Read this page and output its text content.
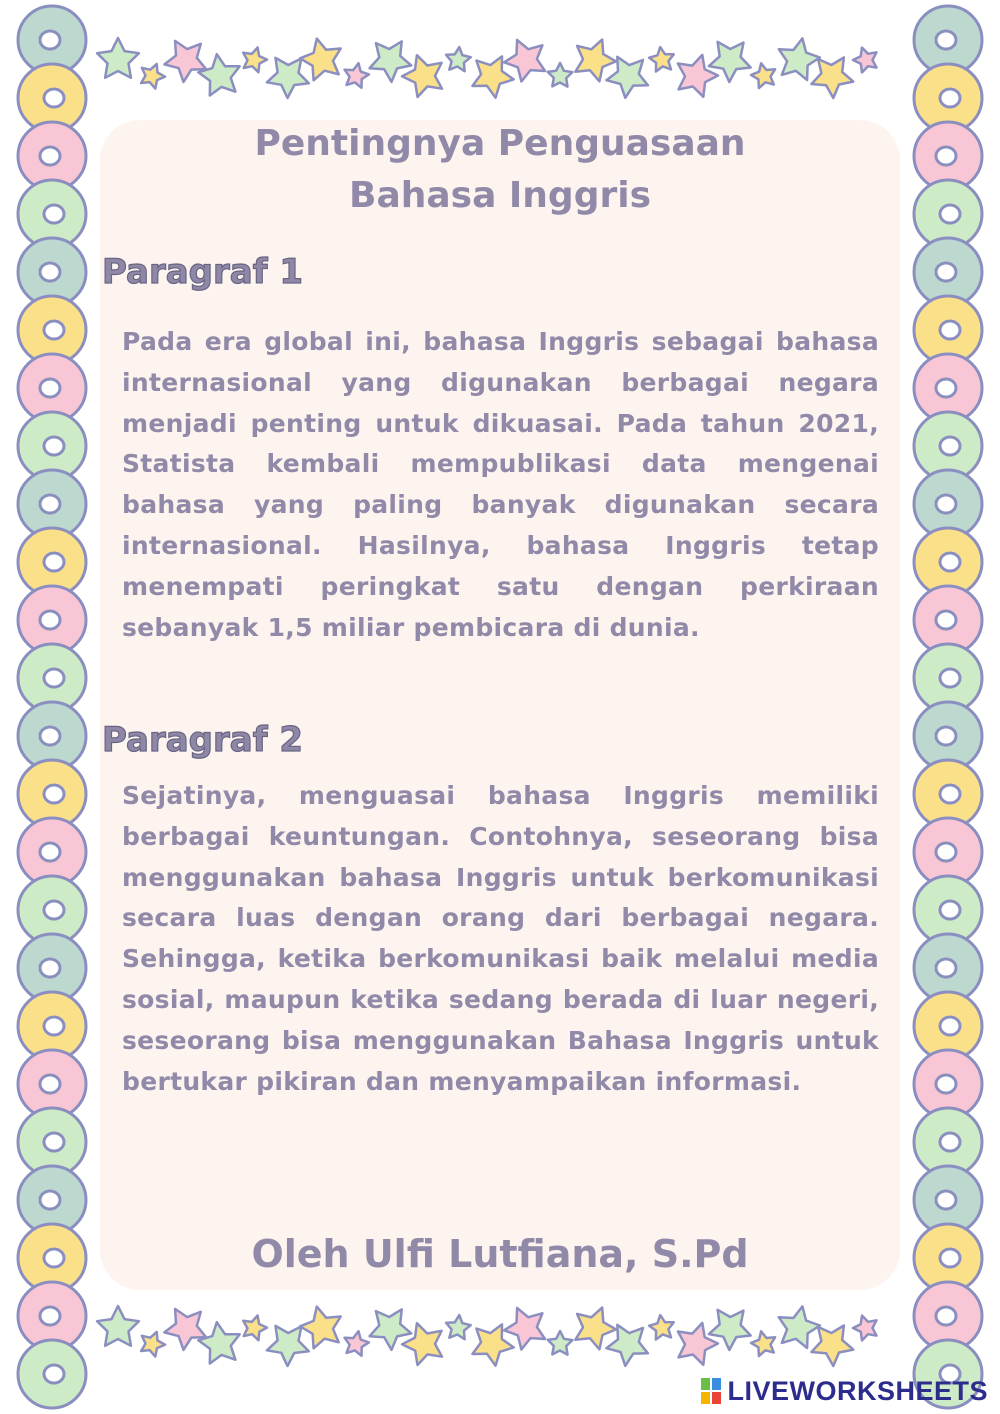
Pentingnya Penguasaan
Bahasa Inggris
Paragraf 1

Pada era global ini, bahasa Inggris sebagai bahasa internasional yang digunakan berbagai negara menjadi penting untuk dikuasai. Pada tahun 2021, Statista kembali mempublikasi data mengenai bahasa yang paling banyak digunakan secara internasional. Hasilnya, bahasa Inggris tetap menempati peringkat satu dengan perkiraan sebanyak 1,5 miliar pembicara di dunia.

Paragraf 2

Sejatinya, menguasai bahasa Inggris memiliki berbagai keuntungan. Contohnya, seseorang bisa menggunakan bahasa Inggris untuk berkomunikasi secara luas dengan orang dari berbagai negara. Sehingga, ketika berkomunikasi baik melalui media sosial, maupun ketika sedang berada di luar negeri, seseorang bisa menggunakan Bahasa Inggris untuk bertukar pikiran dan menyampaikan informasi.

Oleh Ulfi Lutfiana, S.Pd

LIVEWORKSHEETS
